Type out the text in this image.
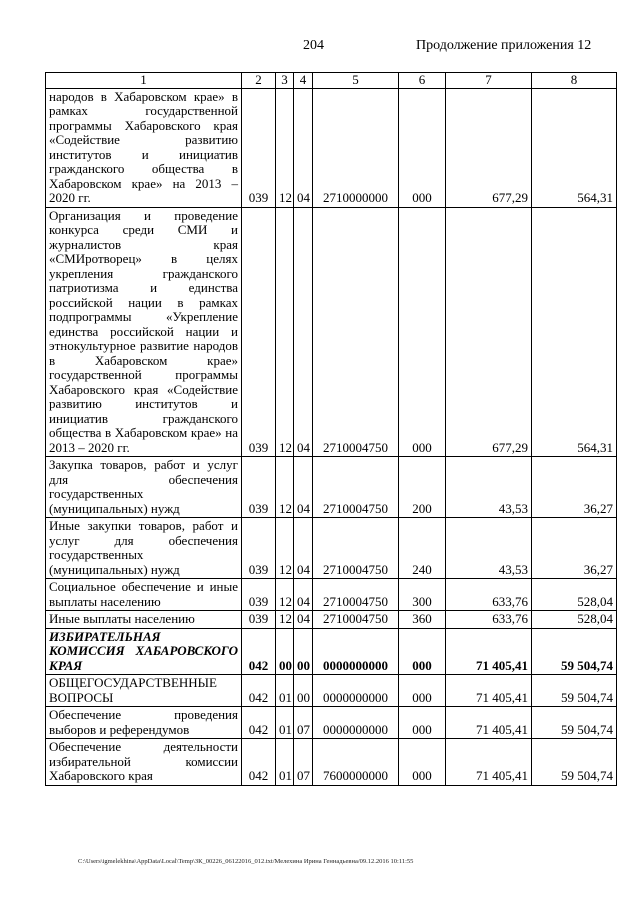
204	Продолжение приложения 12
1	2	3	4	5	6	7	8
народов в Хабаровском крае» в рамках государственной программы Хабаровского края «Содействие развитию институтов и инициатив гражданского общества в Хабаровском крае» на 2013 – 2020 гг.	039	12	04	2710000000	000	677,29	564,31
Организация и проведение конкурса среди СМИ и журналистов края «СМИротворец» в целях укрепления гражданского патриотизма и единства российской нации в рамках подпрограммы «Укрепление единства российской нации и этнокультурное развитие народов в Хабаровском крае» государственной программы Хабаровского края «Содействие развитию институтов и инициатив гражданского общества в Хабаровском крае» на 2013 – 2020 гг.	039	12	04	2710004750	000	677,29	564,31
Закупка товаров, работ и услуг для обеспечения государственных (муниципальных) нужд	039	12	04	2710004750	200	43,53	36,27
Иные закупки товаров, работ и услуг для обеспечения государственных (муниципальных) нужд	039	12	04	2710004750	240	43,53	36,27
Социальное обеспечение и иные выплаты населению	039	12	04	2710004750	300	633,76	528,04
Иные выплаты населению	039	12	04	2710004750	360	633,76	528,04
ИЗБИРАТЕЛЬНАЯ КОМИССИЯ ХАБАРОВСКОГО КРАЯ	042	00	00	0000000000	000	71 405,41	59 504,74
ОБЩЕГОСУДАРСТВЕННЫЕ ВОПРОСЫ	042	01	00	0000000000	000	71 405,41	59 504,74
Обеспечение проведения выборов и референдумов	042	01	07	0000000000	000	71 405,41	59 504,74
Обеспечение деятельности избирательной комиссии Хабаровского края	042	01	07	7600000000	000	71 405,41	59 504,74
C:\Users\igmelekhina\AppData\Local\Temp\ЗК_00226_06122016_012.txt/Мелехина Ирина Геннадьевна/09.12.2016 10:11:55
